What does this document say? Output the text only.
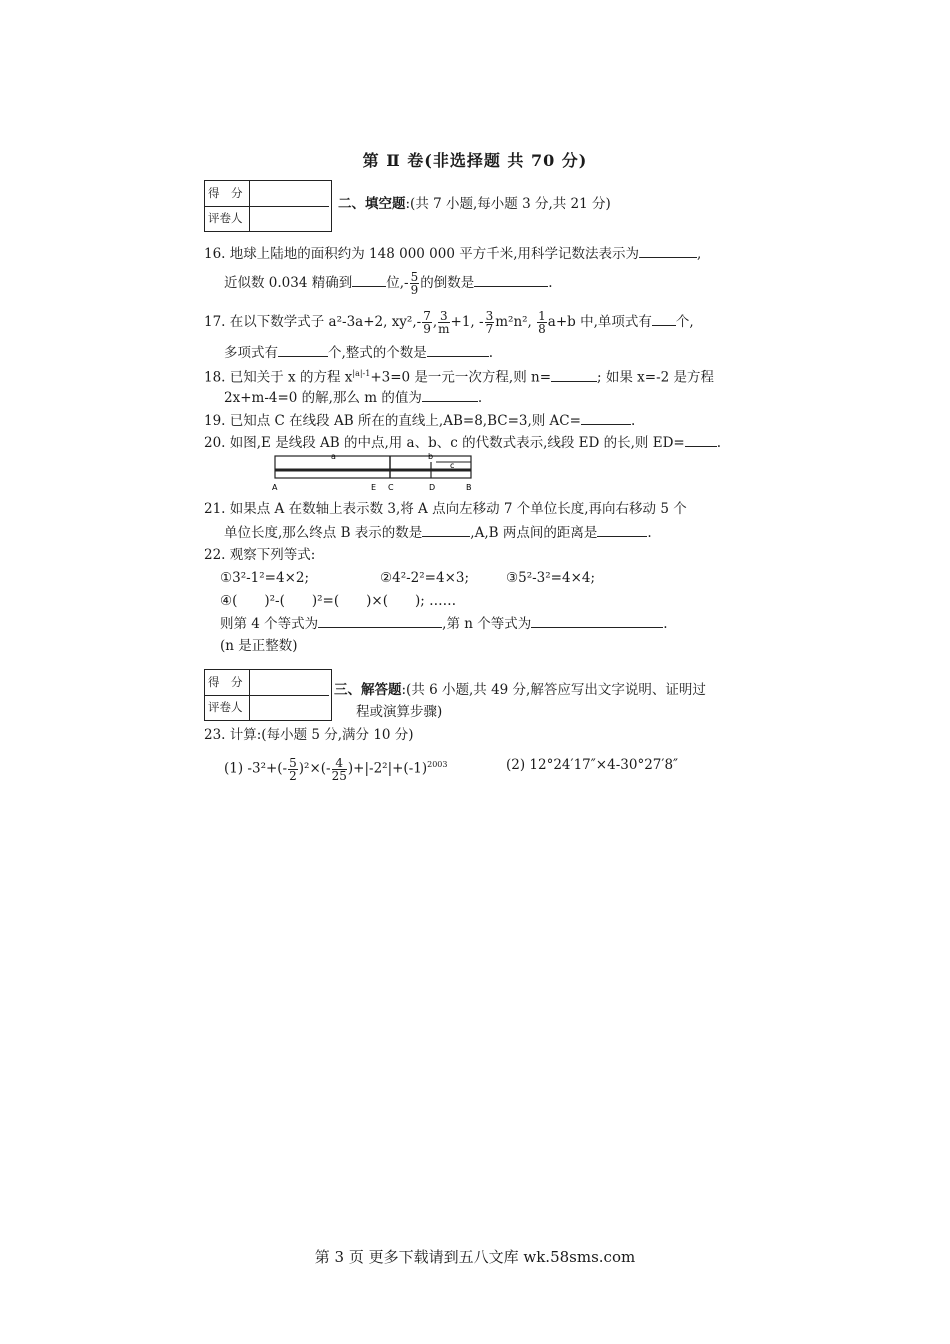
第 Ⅱ 卷(非选择题 共 70 分)
得　分
评卷人
二、填空题:(共 7 小题,每小题 3 分,共 21 分)
16. 地球上陆地的面积约为 148 000 000 平方千米,用科学记数法表示为	,
近似数 0.034 精确到	位,- $\frac{5}{9}$ 的倒数是	.
17. 在以下数学式子 a²-3a+2, $xy^2,- \frac{7}{9}$ , $\frac{3}{m} +1$, - $\frac{3}{7} m^2n^2$, $\frac{1}{8} a+b$ 中,单项式有 个,
多项式有	个,整式的个数是	.
18. 已知关于 x 的方程 $x^{|a|-1}+3=0$ 是一元一次方程,则 n=	; 如果 x=-2 是方程
2x+m-4=0 的解,那么 m 的值为	.
19. 已知点 C 在线段 AB 所在的直线上,AB=8,BC=3,则 AC=	.
20. 如图,E 是线段 AB 的中点,用 a、b、c 的代数式表示,线段 ED 的长,则 ED= .
a	b
c
A	E C	D	B
21. 如果点 A 在数轴上表示数 3,将 A 点向左移动 7 个单位长度,再向右移动 5 个
单位长度,那么终点 B 表示的数是	,A,B 两点间的距离是	.
22. 观察下列等式:
①3²-1²=4×2;	②4²-2²=4×3;	③5²-3²=4×4;
④(　　)²-(　　)²=(　　)×(　　); ……
则第 4 个等式为	,第 n 个等式为	.
(n 是正整数)
得　分
评卷人
三、解答题:(共 6 小题,共 49 分,解答应写出文字说明、证明过
程或演算步骤)
23. 计算:(每小题 5 分,满分 10 分)
(1) $-3^2+(- \frac{5}{2} )^2\times(- \frac{4}{25} )+|-2^2|+(-1)^{2003}$	(2) 12°24′17″×4-30°27′8″
第 3 页 更多下载请到五八文库 wk.58sms.com
